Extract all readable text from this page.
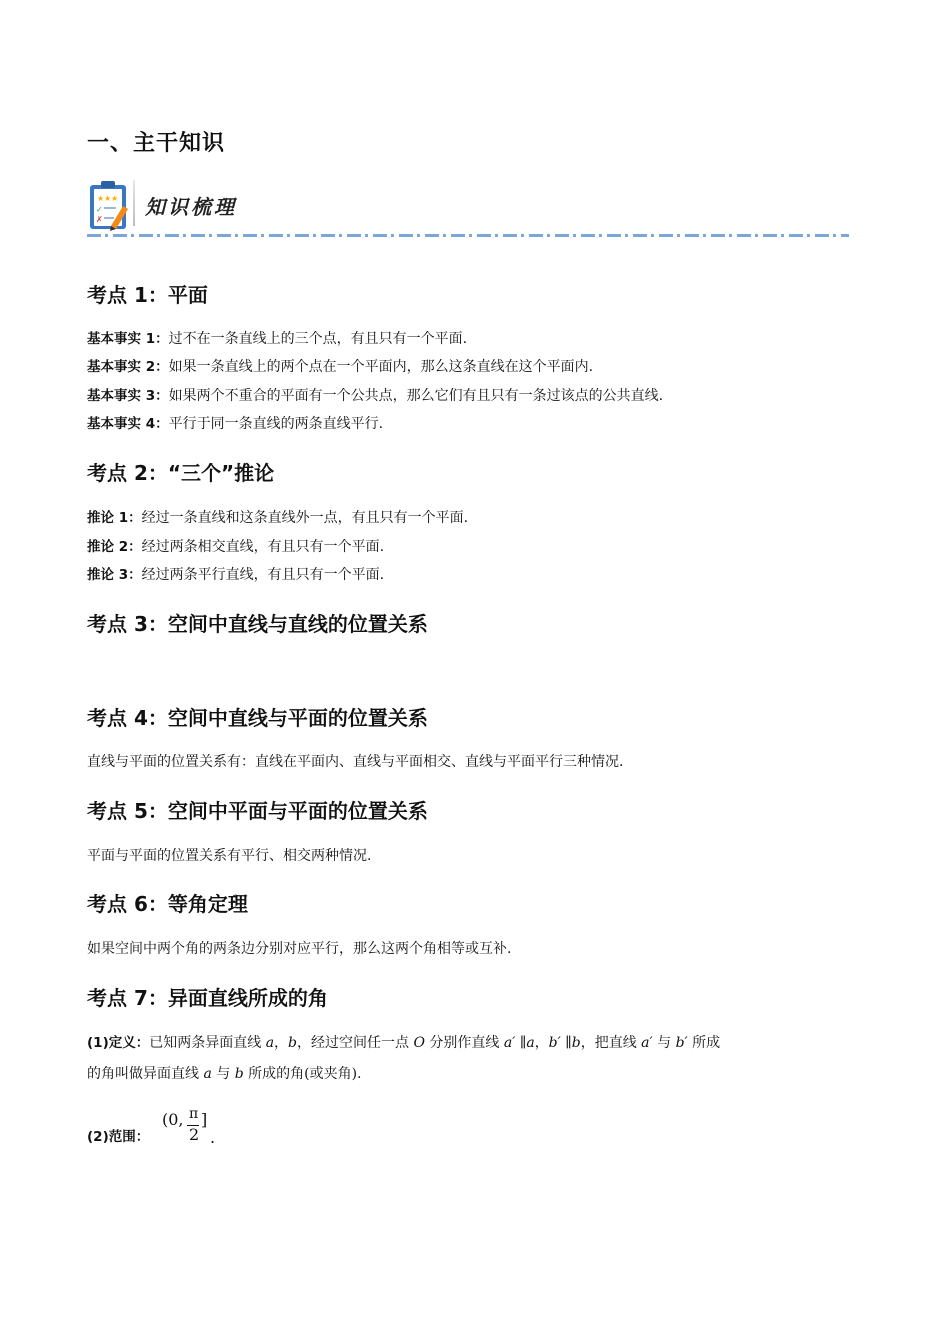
一、主干知识
★ ★ ★
✓
✗
知识梳理
考点 1：平面
基本事实 1：过不在一条直线上的三个点，有且只有一个平面.
基本事实 2：如果一条直线上的两个点在一个平面内，那么这条直线在这个平面内.
基本事实 3：如果两个不重合的平面有一个公共点，那么它们有且只有一条过该点的公共直线.
基本事实 4：平行于同一条直线的两条直线平行.
考点 2：“三个”推论
推论 1：经过一条直线和这条直线外一点，有且只有一个平面.
推论 2：经过两条相交直线，有且只有一个平面.
推论 3：经过两条平行直线，有且只有一个平面.
考点 3：空间中直线与直线的位置关系
考点 4：空间中直线与平面的位置关系
直线与平面的位置关系有：直线在平面内、直线与平面相交、直线与平面平行三种情况.
考点 5：空间中平面与平面的位置关系
平面与平面的位置关系有平行、相交两种情况.
考点 6：等角定理
如果空间中两个角的两条边分别对应平行，那么这两个角相等或互补.
考点 7：异面直线所成的角
(1)定义：已知两条异面直线 a，b，经过空间任一点 O 分别作直线 a′ ∥a，b′ ∥b，把直线 a′ 与 b′ 所成
的角叫做异面直线 a 与 b 所成的角(或夹角).
(2)范围：
(0, π
2
]
.
